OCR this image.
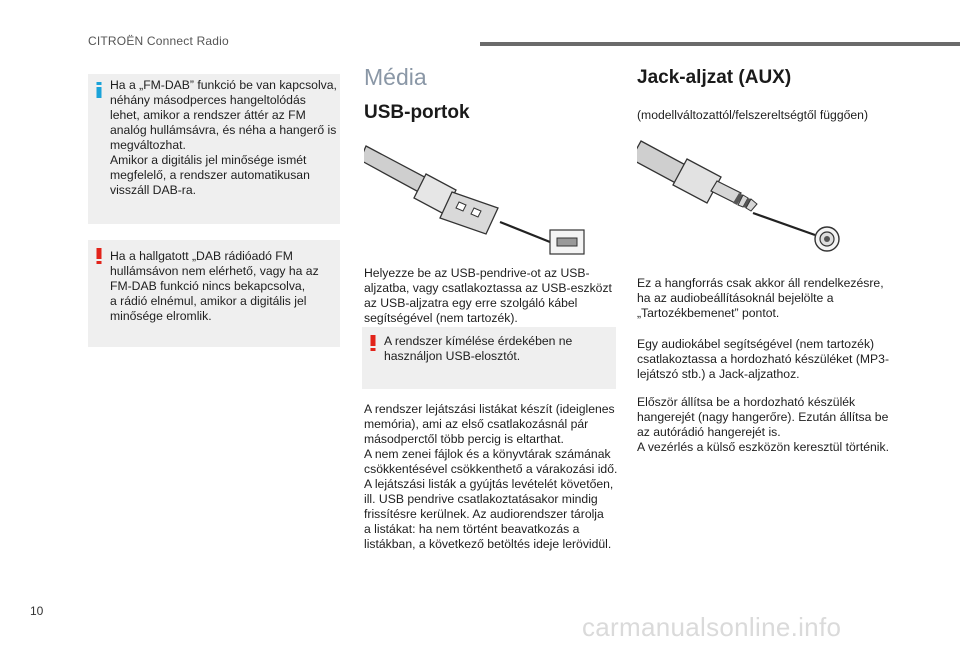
CITROËN Connect Radio
Ha a „FM-DAB” funkció be van kapcsolva,
néhány másodperces hangeltolódás
lehet, amikor a rendszer áttér az FM
analóg hullámsávra, és néha a hangerő is
megváltozhat.
Amikor a digitális jel minősége ismét
megfelelő, a rendszer automatikusan
visszáll DAB-ra.
Ha a hallgatott „DAB rádióadó FM
hullámsávon nem elérhető, vagy ha az
FM-DAB funkció nincs bekapcsolva,
a rádió elnémul, amikor a digitális jel
minősége elromlik.
Média
USB-portok

Helyezze be az USB-pendrive-ot az USB-
aljzatba, vagy csatlakoztassa az USB-eszközt
az USB-aljzatra egy erre szolgáló kábel
segítségével (nem tartozék).

A rendszer kímélése érdekében ne
használjon USB-elosztót.

A rendszer lejátszási listákat készít (ideiglenes
memória), ami az első csatlakozásnál pár
másodperctől több percig is eltarthat.
A nem zenei fájlok és a könyvtárak számának
csökkentésével csökkenthető a várakozási idő.
A lejátszási listák a gyújtás levételét követően,
ill. USB pendrive csatlakoztatásakor mindig
frissítésre kerülnek. Az audiorendszer tárolja
a listákat: ha nem történt beavatkozás a
listákban, a következő betöltés ideje lerövidül.

Jack-aljzat (AUX)

(modellváltozattól/felszereltségtől függően)

Ez a hangforrás csak akkor áll rendelkezésre,
ha az audiobeállításoknál bejelölte a
„Tartozékbemenet” pontot.

Egy audiokábel segítségével (nem tartozék)
csatlakoztassa a hordozható készüléket (MP3-
lejátszó stb.) a Jack-aljzathoz.

Először állítsa be a hordozható készülék
hangerejét (nagy hangerőre). Ezután állítsa be
az autórádió hangerejét is.
A vezérlés a külső eszközön keresztül történik.

10
carmanualsonline.info
